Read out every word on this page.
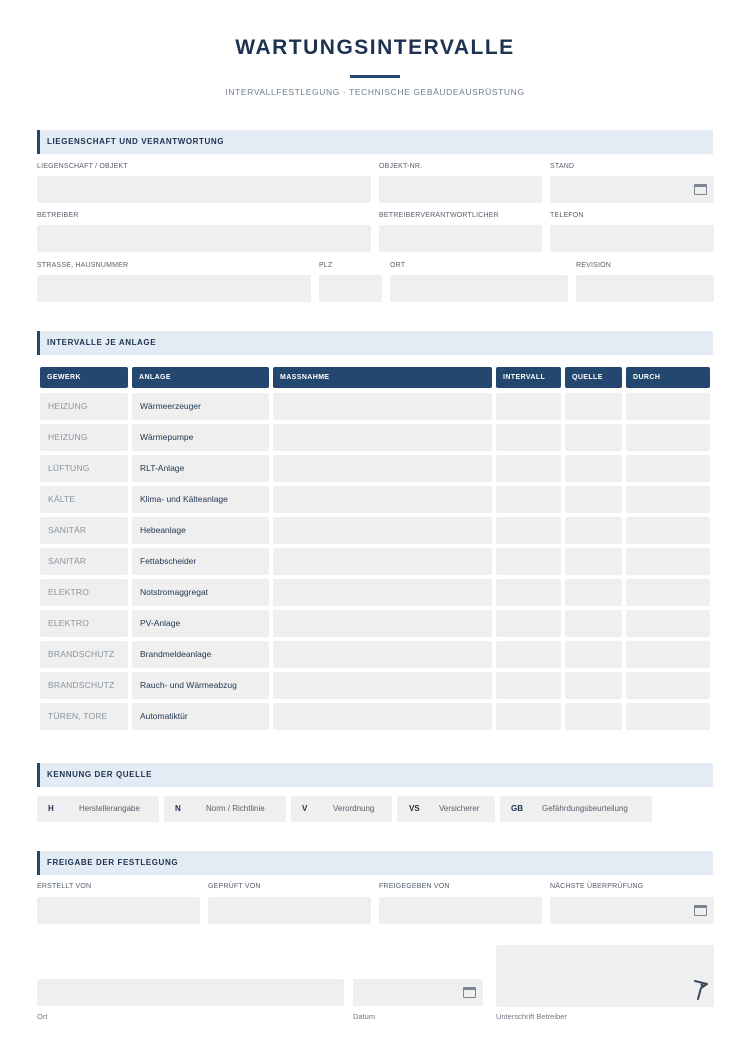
WARTUNGSINTERVALLE
INTERVALLFESTLEGUNG · TECHNISCHE GEBÄUDEAUSRÜSTUNG
LIEGENSCHAFT UND VERANTWORTUNG
LIEGENSCHAFT / OBJEKT	OBJEKT-NR.	STAND
BETREIBER	BETREIBERVERANTWORTLICHER	TELEFON
STRASSE, HAUSNUMMER	PLZ	ORT	REVISION
INTERVALLE JE ANLAGE
GEWERK	ANLAGE	MASSNAHME	INTERVALL	QUELLE	DURCH
HEIZUNG	Wärmeerzeuger
HEIZUNG	Wärmepumpe
LÜFTUNG	RLT-Anlage
KÄLTE	Klima- und Kälteanlage
SANITÄR	Hebeanlage
SANITÄR	Fettabscheider
ELEKTRO	Notstromaggregat
ELEKTRO	PV-Anlage
BRANDSCHUTZ	Brandmeldeanlage
BRANDSCHUTZ	Rauch- und Wärmeabzug
TÜREN, TORE	Automatiktür
KENNUNG DER QUELLE
H	Herstellerangabe	N	Norm / Richtlinie	V	Verordnung	VS Versicherer	GB Gefährdungsbeurteilung
FREIGABE DER FESTLEGUNG
ERSTELLT VON	GEPRÜFT VON	FREIGEGEBEN VON	NÄCHSTE ÜBERPRÜFUNG
Ort	Datum	Unterschrift Betreiber
